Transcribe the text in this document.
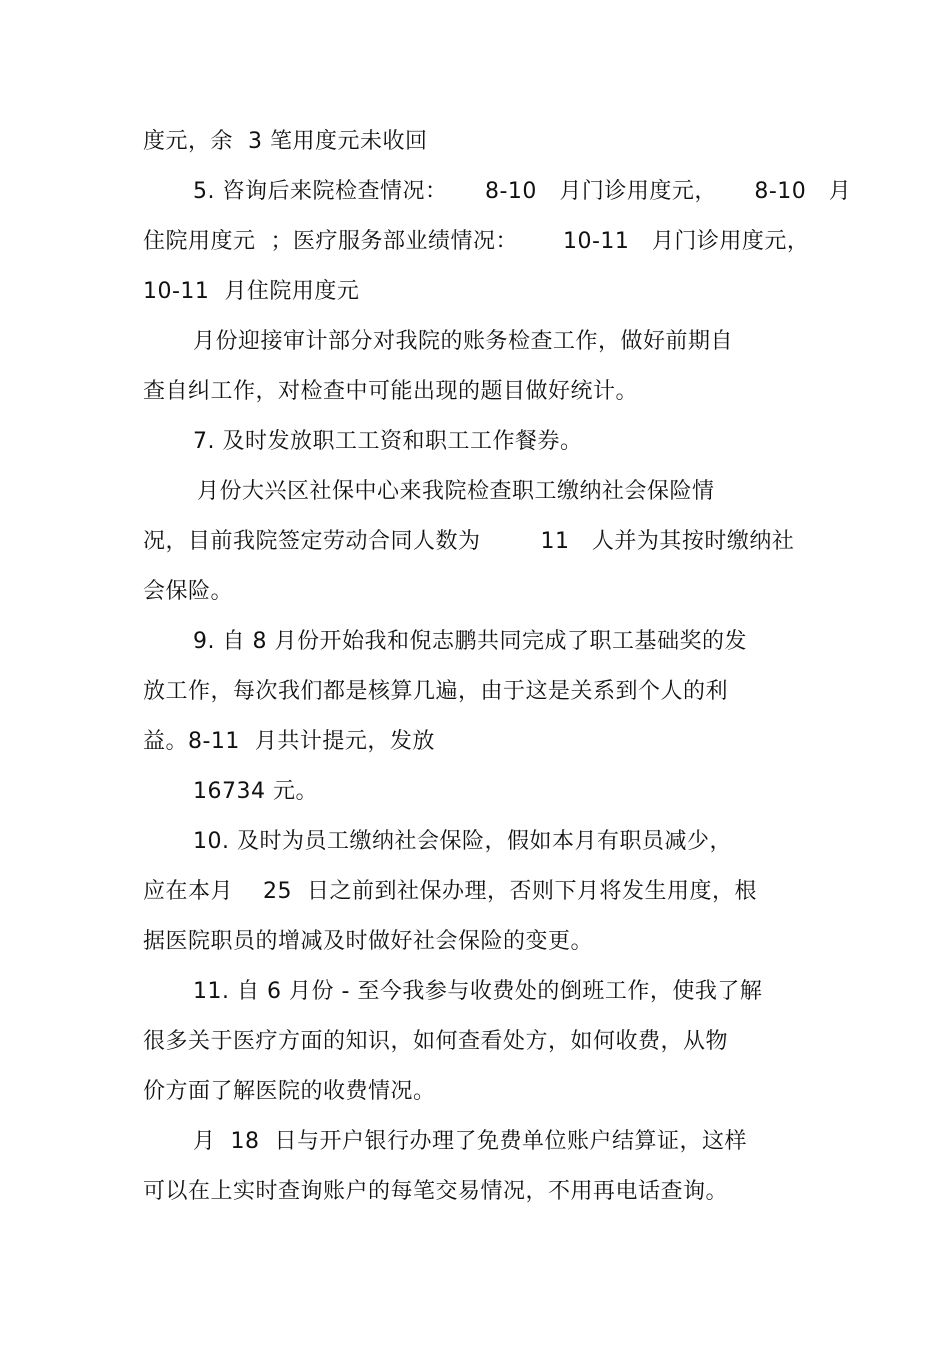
度元，余  3 笔用度元未收回
5. 咨询后来院检查情况：     8-10   月门诊用度元，     8-10   月
住院用度元  ；医疗服务部业绩情况：      10-11   月门诊用度元，
10-11  月住院用度元
月份迎接审计部分对我院的账务检查工作，做好前期自
查自纠工作，对检查中可能出现的题目做好统计。
7. 及时发放职工工资和职工工作餐券。
月份大兴区社保中心来我院检查职工缴纳社会保险情
况，目前我院签定劳动合同人数为        11   人并为其按时缴纳社
会保险。
9. 自 8 月份开始我和倪志鹏共同完成了职工基础奖的发
放工作，每次我们都是核算几遍，由于这是关系到个人的利
益。8-11  月共计提元，发放
16734 元。
10. 及时为员工缴纳社会保险，假如本月有职员减少，
应在本月    25  日之前到社保办理，否则下月将发生用度，根
据医院职员的增减及时做好社会保险的变更。
11. 自 6 月份 - 至今我参与收费处的倒班工作，使我了解
很多关于医疗方面的知识，如何查看处方，如何收费，从物
价方面了解医院的收费情况。
月  18  日与开户银行办理了免费单位账户结算证，这样
可以在上实时查询账户的每笔交易情况，不用再电话查询。
